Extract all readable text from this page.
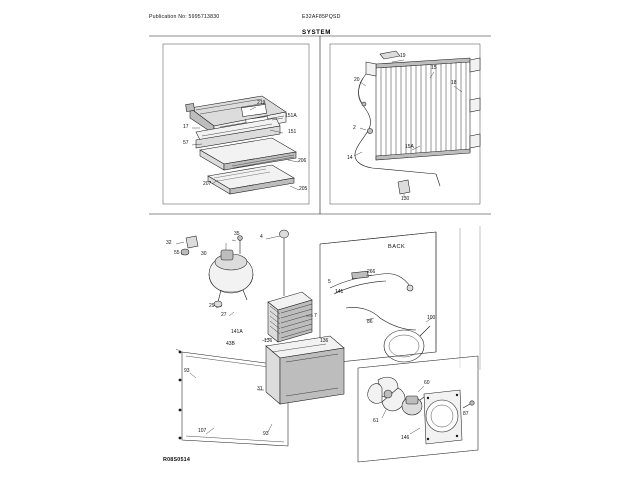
Publication No: 5995713830	E32AF85PQSD
SYSTEM
R08S0514
BACK
219
151A
151
17
57
206
207
205
19
15
18
20
2
14
15A
130
32
55
35	4
30
29
27
141A
43B	136	136
7
5
141
266
86
100
93
31
93
107
60
61
146
87
